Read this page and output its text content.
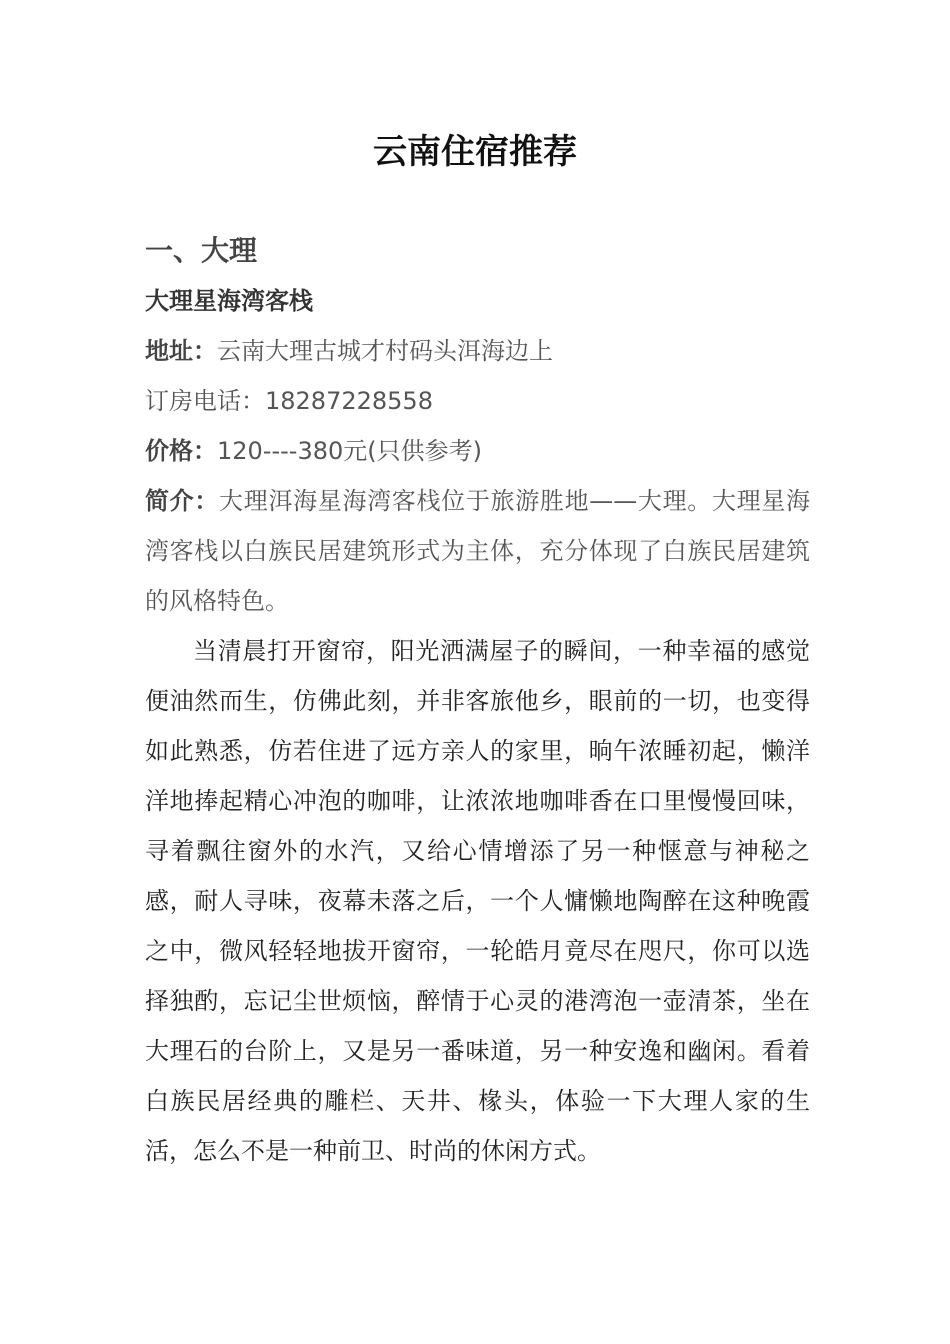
云南住宿推荐

一、大理

大理星海湾客栈

地址：云南大理古城才村码头洱海边上

订房电话：18287228558

价格：120----380元(只供参考)

简介：大理洱海星海湾客栈位于旅游胜地——大理。大理星海湾客栈以白族民居建筑形式为主体，充分体现了白族民居建筑的风格特色。

当清晨打开窗帘，阳光洒满屋子的瞬间，一种幸福的感觉便油然而生，仿佛此刻，并非客旅他乡，眼前的一切，也变得如此熟悉，仿若住进了远方亲人的家里，晌午浓睡初起，懒洋洋地捧起精心冲泡的咖啡，让浓浓地咖啡香在口里慢慢回味，寻着飘往窗外的水汽，又给心情增添了另一种惬意与神秘之感，耐人寻味，夜幕未落之后，一个人慵懒地陶醉在这种晚霞之中，微风轻轻地拔开窗帘，一轮皓月竟尽在咫尺，你可以选择独酌，忘记尘世烦恼，醉情于心灵的港湾泡一壶清茶，坐在大理石的台阶上，又是另一番味道，另一种安逸和幽闲。看着白族民居经典的雕栏、天井、椽头，体验一下大理人家的生活，怎么不是一种前卫、时尚的休闲方式。
